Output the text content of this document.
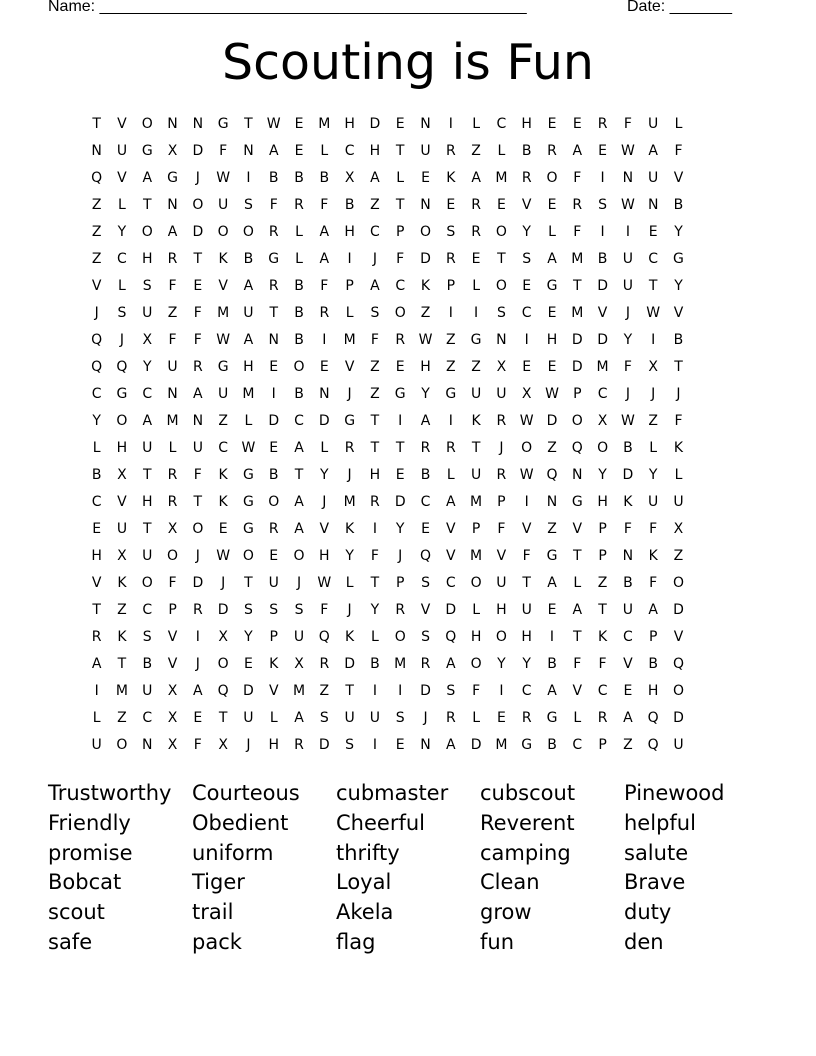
Name: ________________________________________________	Date: _______
Scouting is Fun
T	V	O	N	N	G	T	W E	M H	D	E	N	I	L	C	H	E	E	R	F	U	L
N	U	G	X	D	F	N	A	E	L	C	H	T	U	R	Z	L	B	R	A	E W A	F
Q	V	A	G	J	W	I	B	B	B	X	A	L	E	K	A	M	R	O	F	I	N	U	V
Z	L	T	N	O	U	S	F	R	F	B	Z	T	N	E	R	E	V	E	R	S W N	B
Z	Y	O	A	D	O	O	R	L	A	H	C	P	O	S	R	O	Y	L	F	I	I	E	Y
Z	C	H	R	T	K	B	G	L	A	I	J	F	D	R	E	T	S	A	M	B	U	C	G
V	L	S	F	E	V	A	R	B	F	P	A	C	K	P	L	O	E	G	T	D	U	T	Y
J	S	U	Z	F	M	U	T	B	R	L	S	O	Z	I	I	S	C	E	M	V	J	W V
Q	J	X	F	F	W A	N	B	I	M	F	R W Z	G	N	I	H	D	D	Y	I	B
Q	Q	Y	U	R	G	H	E	O	E	V	Z	E	H	Z	Z	X	E	E	D M	F	X	T
C	G	C	N	A	U	M	I	B	N	J	Z	G	Y	G	U	U	X W	P	C	J	J	J
Y	O	A	M	N	Z	L	D	C	D	G	T	I	A	I	K	R W D	O	X W Z	F
L	H	U	L	U	C W E	A	L	R	T	T	R	R	T	J	O	Z	Q	O	B	L	K
B	X	T	R	F	K	G	B	T	Y	J	H	E	B	L	U	R W Q	N	Y	D	Y	L
C	V	H	R	T	K	G	O	A	J	M	R	D	C	A	M	P	I	N	G	H	K	U	U
E	U	T	X	O	E	G	R	A	V	K	I	Y	E	V	P	F	V	Z	V	P	F	F	X
H	X	U	O	J	W O	E	O	H	Y	F	J	Q	V	M	V	F	G	T	P	N	K	Z
V	K	O	F	D	J	T	U	J	W	L	T	P	S	C	O	U	T	A	L	Z	B	F	O
T	Z	C	P	R	D	S	S	S	F	J	Y	R	V	D	L	H	U	E	A	T	U	A	D
R	K	S	V	I	X	Y	P	U	Q	K	L	O	S	Q	H	O	H	I	T	K	C	P	V
A	T	B	V	J	O	E	K	X	R	D	B	M	R	A	O	Y	Y	B	F	F	V	B	Q
I	M	U	X	A	Q	D	V	M	Z	T	I	I	D	S	F	I	C	A	V	C	E	H	O
L	Z	C	X	E	T	U	L	A	S	U	U	S	J	R	L	E	R	G	L	R	A	Q	D
U	O	N	X	F	X	J	H	R	D	S	I	E	N	A	D M G	B	C	P	Z	Q	U
Trustworthy Courteous	cubmaster	cubscout	Pinewood
Friendly	Obedient	Cheerful	Reverent	helpful
promise	uniform	thrifty	camping	salute
Bobcat	Tiger	Loyal	Clean	Brave
scout	trail	Akela	grow	duty
safe	pack	flag	fun	den
